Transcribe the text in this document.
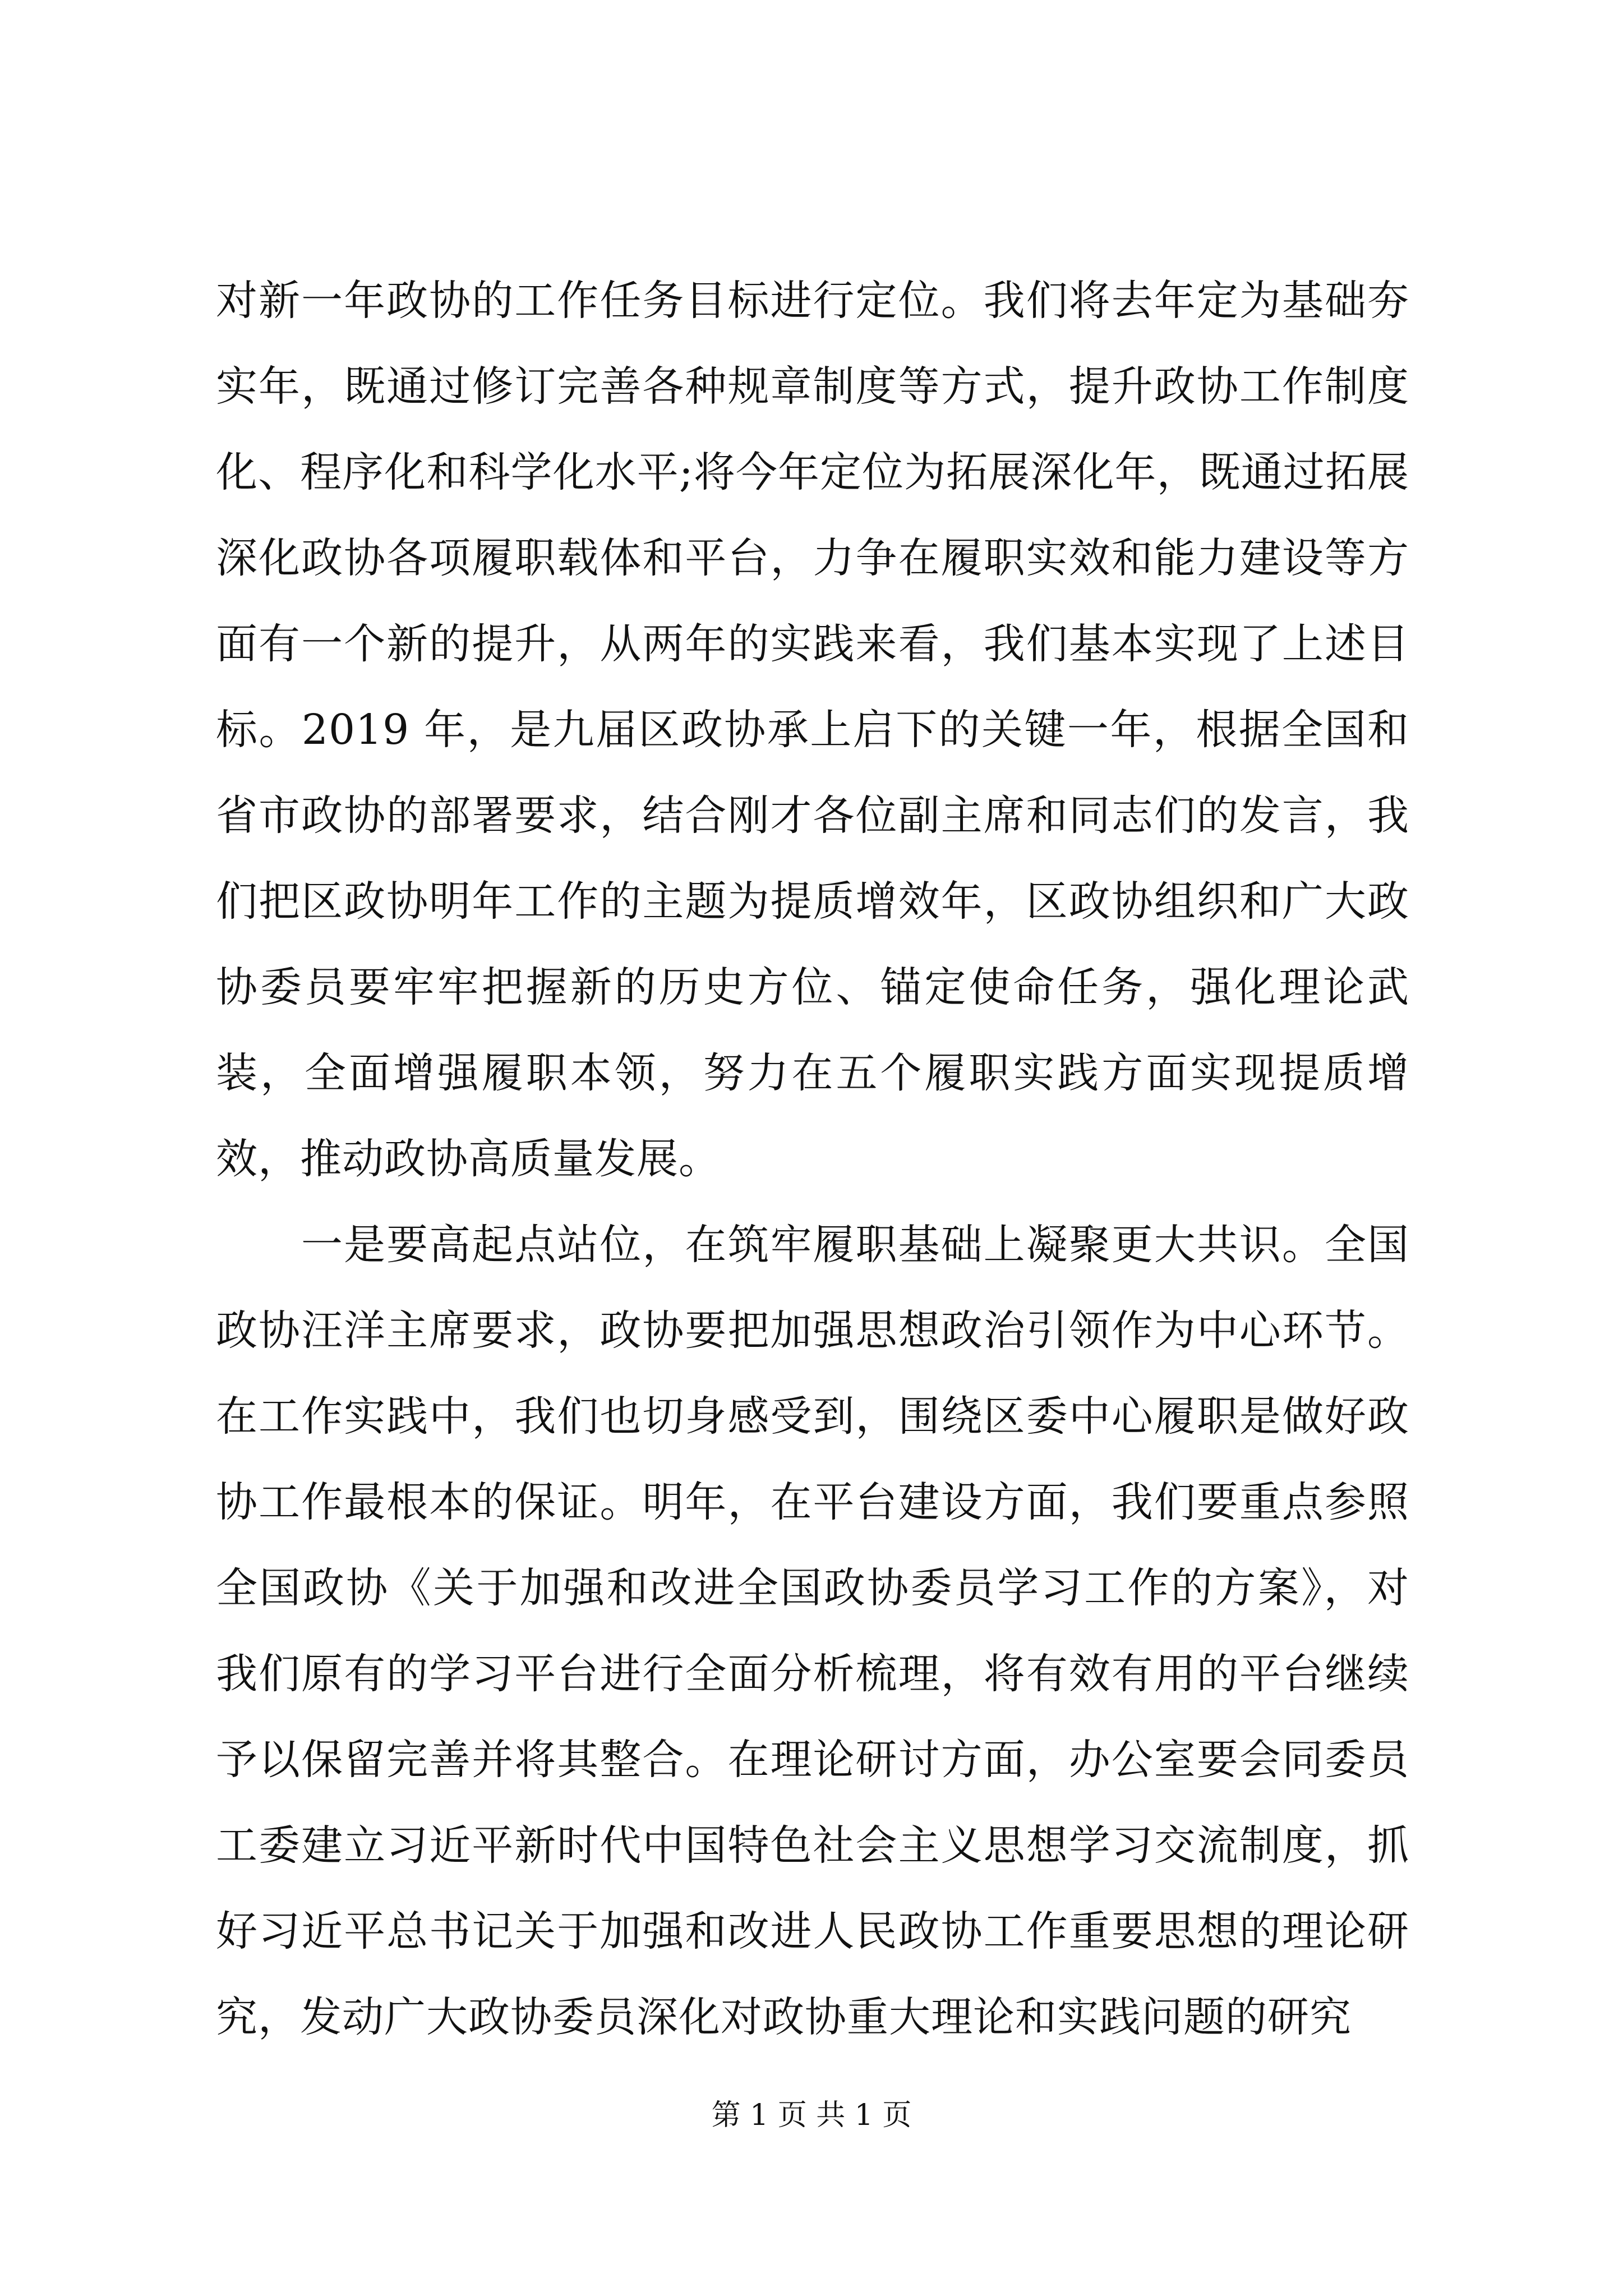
对新一年政协的工作任务目标进行定位。我们将去年定为基础夯实年，既通过修订完善各种规章制度等方式，提升政协工作制度化、程序化和科学化水平;将今年定位为拓展深化年，既通过拓展深化政协各项履职载体和平台，力争在履职实效和能力建设等方面有一个新的提升，从两年的实践来看，我们基本实现了上述目标。2019 年，是九届区政协承上启下的关键一年，根据全国和省市政协的部署要求，结合刚才各位副主席和同志们的发言，我们把区政协明年工作的主题为提质增效年，区政协组织和广大政协委员要牢牢把握新的历史方位、锚定使命任务，强化理论武装，全面增强履职本领，努力在五个履职实践方面实现提质增效，推动政协高质量发展。

一是要高起点站位，在筑牢履职基础上凝聚更大共识。全国政协汪洋主席要求，政协要把加强思想政治引领作为中心环节。在工作实践中，我们也切身感受到，围绕区委中心履职是做好政协工作最根本的保证。明年，在平台建设方面，我们要重点参照全国政协《关于加强和改进全国政协委员学习工作的方案》，对我们原有的学习平台进行全面分析梳理，将有效有用的平台继续予以保留完善并将其整合。在理论研讨方面，办公室要会同委员工委建立习近平新时代中国特色社会主义思想学习交流制度，抓好习近平总书记关于加强和改进人民政协工作重要思想的理论研究，发动广大政协委员深化对政协重大理论和实践问题的研究

第 1 页 共 1 页
